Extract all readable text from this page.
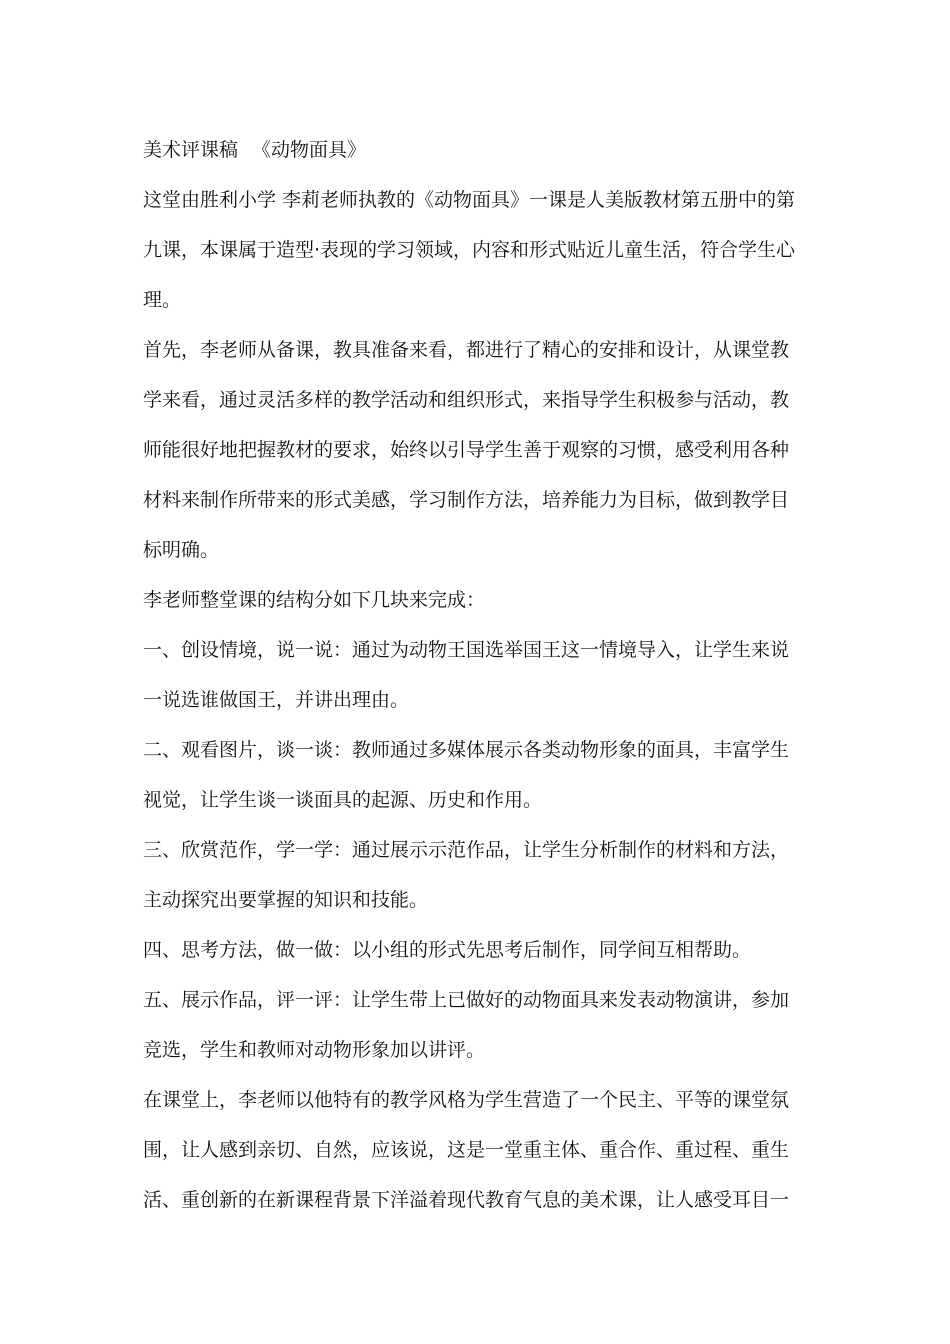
美术评课稿 《动物面具》
这堂由胜利小学 李莉老师执教的《动物面具》一课是人美版教材第五册中的第
九课，本课属于造型·表现的学习领域，内容和形式贴近儿童生活，符合学生心
理。
首先，李老师从备课，教具准备来看，都进行了精心的安排和设计，从课堂教
学来看，通过灵活多样的教学活动和组织形式，来指导学生积极参与活动，教
师能很好地把握教材的要求，始终以引导学生善于观察的习惯，感受利用各种
材料来制作所带来的形式美感，学习制作方法，培养能力为目标，做到教学目
标明确。
李老师整堂课的结构分如下几块来完成：
一、创设情境，说一说：通过为动物王国选举国王这一情境导入，让学生来说
一说选谁做国王，并讲出理由。
二、观看图片，谈一谈：教师通过多媒体展示各类动物形象的面具，丰富学生
视觉，让学生谈一谈面具的起源、历史和作用。
三、欣赏范作，学一学：通过展示示范作品，让学生分析制作的材料和方法，
主动探究出要掌握的知识和技能。
四、思考方法，做一做：以小组的形式先思考后制作，同学间互相帮助。
五、展示作品，评一评：让学生带上已做好的动物面具来发表动物演讲，参加
竞选，学生和教师对动物形象加以讲评。
在课堂上，李老师以他特有的教学风格为学生营造了一个民主、平等的课堂氛
围，让人感到亲切、自然，应该说，这是一堂重主体、重合作、重过程、重生
活、重创新的在新课程背景下洋溢着现代教育气息的美术课，让人感受耳目一
